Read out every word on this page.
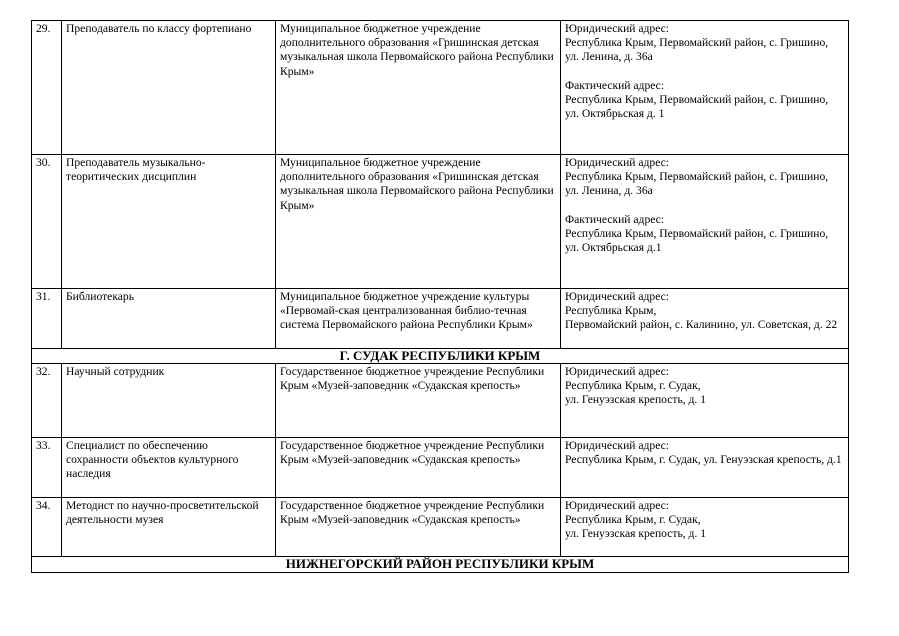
29.	Преподаватель по классу фортепиано	Муниципальное бюджетное учреждение дополнительного образования «Гришинская детская музыкальная школа Первомайского района Республики Крым»	Юридический адрес:
Республика Крым, Первомайский район, с. Гришино,
ул. Ленина, д. 36а
Фактический адрес:
Республика Крым, Первомайский район, с. Гришино, ул. Октябрьская д. 1

30.	Преподаватель музыкально-теоритических дисциплин	Муниципальное бюджетное учреждение дополнительного образования «Гришинская детская музыкальная школа Первомайского района Республики Крым»	Юридический адрес:
Республика Крым, Первомайский район, с. Гришино,
ул. Ленина, д. 36а
Фактический адрес:
Республика Крым, Первомайский район, с. Гришино, ул. Октябрьская д.1

31.	Библиотекарь	Муниципальное бюджетное учреждение культуры «Первомай-ская централизованная библио-течная система Первомайского района Республики Крым»	Юридический адрес:
Республика Крым,
Первомайский район, с. Калинино, ул. Советская, д. 22

Г. СУДАК РЕСПУБЛИКИ КРЫМ			
32.	Научный сотрудник	Государственное бюджетное учреждение Республики Крым «Музей-заповедник «Судакская крепость»	Юридический адрес:
Республика Крым, г. Судак,
ул. Генуэзская крепость, д. 1

33.	Специалист по обеспечению сохранности объектов культурного наследия	Государственное бюджетное учреждение Республики Крым «Музей-заповедник «Судакская крепость»	Юридический адрес:
Республика Крым, г. Судак, ул. Генуэзская крепость, д.1

34.	Методист по научно-просветительской деятельности музея	Государственное бюджетное учреждение Республики Крым «Музей-заповедник «Судакская крепость»	Юридический адрес:
Республика Крым, г. Судак,
ул. Генуэзская крепость, д. 1

НИЖНЕГОРСКИЙ РАЙОН РЕСПУБЛИКИ КРЫМ			
